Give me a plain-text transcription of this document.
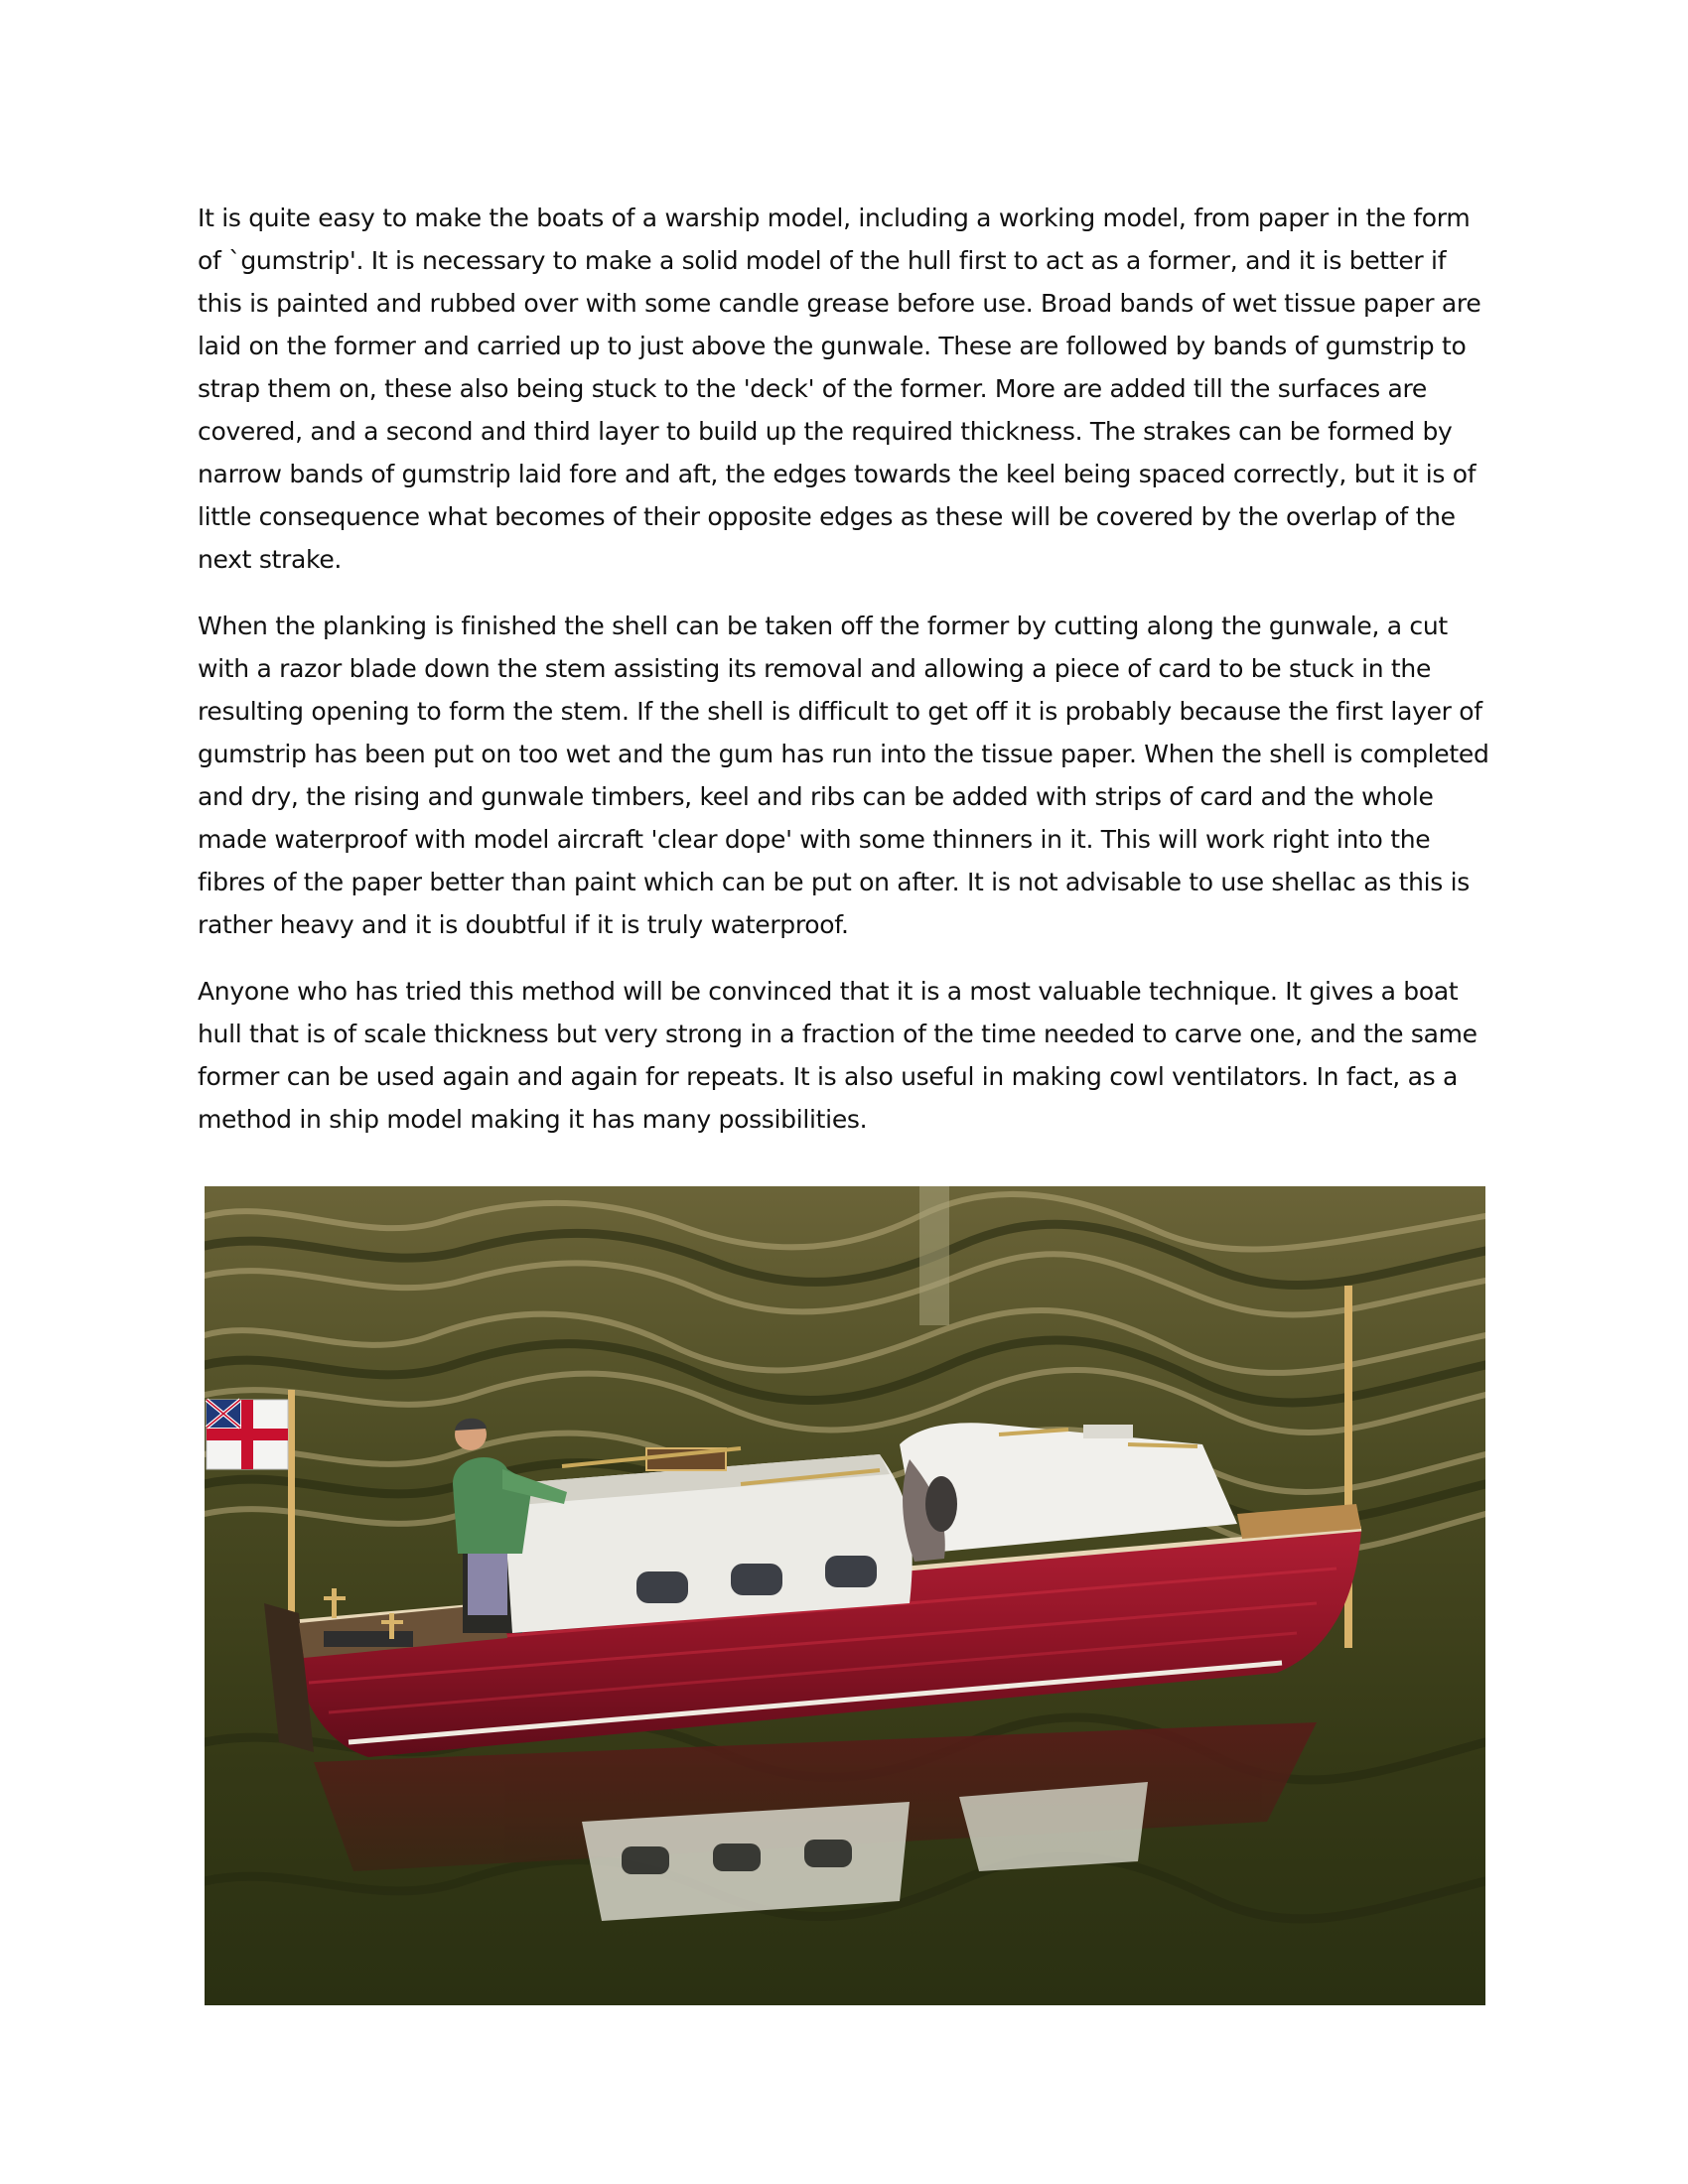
It is quite easy to make the boats of a warship model, including a working model, from paper in the form of `gumstrip'. It is necessary to make a solid model of the hull first to act as a former, and it is better if this is painted and rubbed over with some candle grease before use. Broad bands of wet tissue paper are laid on the former and carried up to just above the gunwale. These are followed by bands of gumstrip to strap them on, these also being stuck to the 'deck' of the former. More are added till the surfaces are covered, and a second and third layer to build up the required thickness. The strakes can be formed by narrow bands of gumstrip laid fore and aft, the edges towards the keel being spaced correctly, but it is of little consequence what becomes of their opposite edges as these will be covered by the overlap of the next strake.

When the planking is finished the shell can be taken off the former by cutting along the gunwale, a cut with a razor blade down the stem assisting its removal and allowing a piece of card to be stuck in the resulting opening to form the stem. If the shell is difficult to get off it is probably because the first layer of gumstrip has been put on too wet and the gum has run into the tissue paper. When the shell is completed and dry, the rising and gunwale timbers, keel and ribs can be added with strips of card and the whole made waterproof with model aircraft 'clear dope' with some thinners in it. This will work right into the fibres of the paper better than paint which can be put on after. It is not advisable to use shellac as this is rather heavy and it is doubtful if it is truly waterproof.

Anyone who has tried this method will be convinced that it is a most valuable technique. It gives a boat hull that is of scale thickness but very strong in a fraction of the time needed to carve one, and the same former can be used again and again for repeats. It is also useful in making cowl ventilators. In fact, as a method in ship model making it has many possibilities.
